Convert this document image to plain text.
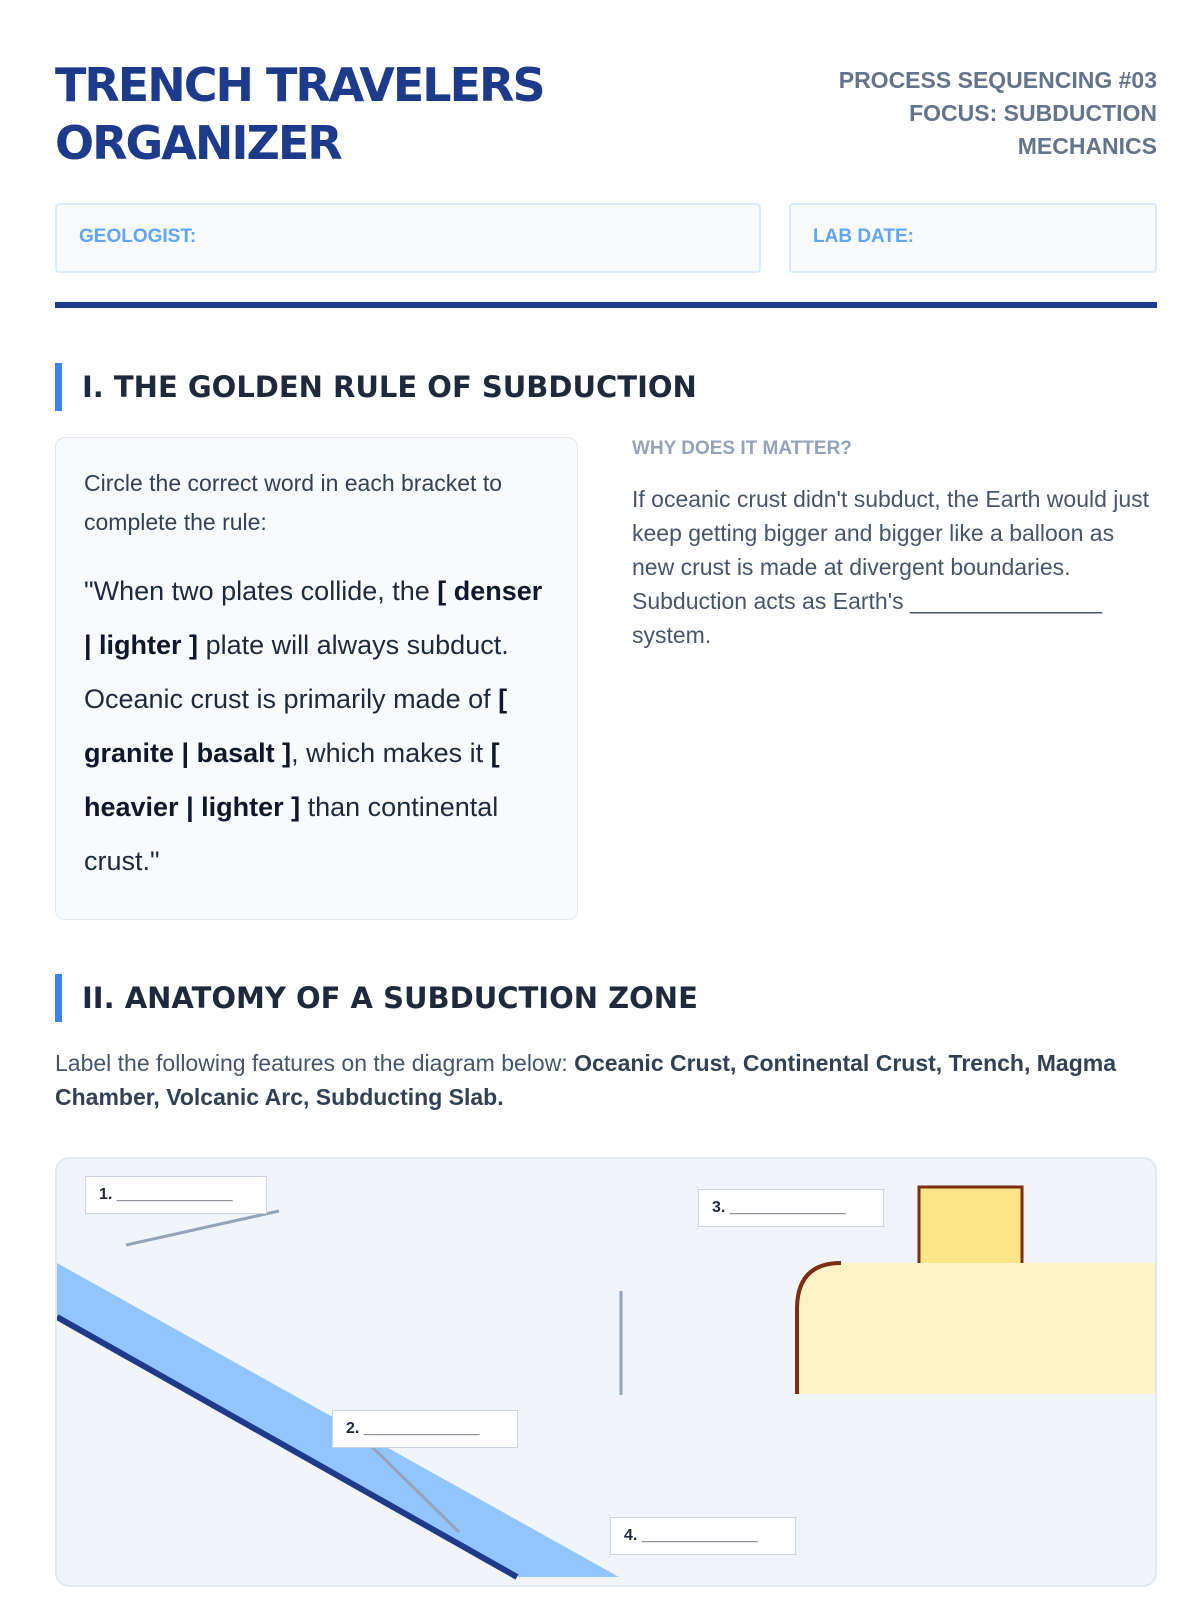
TRENCH TRAVELERS
ORGANIZER
PROCESS SEQUENCING #03
FOCUS: SUBDUCTION
MECHANICS
GEOLOGIST:	LAB DATE:
I. THE GOLDEN RULE OF SUBDUCTION

Circle the correct word in each bracket to complete the rule:

"When two plates collide, the [ denser | lighter ] plate will always subduct. Oceanic crust is primarily made of [ granite | basalt ], which makes it [ heavier | lighter ] than continental crust."
WHY DOES IT MATTER?
If oceanic crust didn't subduct, the Earth would just keep getting bigger and bigger like a balloon as new crust is made at divergent boundaries. Subduction acts as Earth's _______________ system.
II. ANATOMY OF A SUBDUCTION ZONE
Label the following features on the diagram below: Oceanic Crust, Continental Crust, Trench, Magma Chamber, Volcanic Arc, Subducting Slab.
1. _____________
2. _____________
3. _____________
4. _____________
